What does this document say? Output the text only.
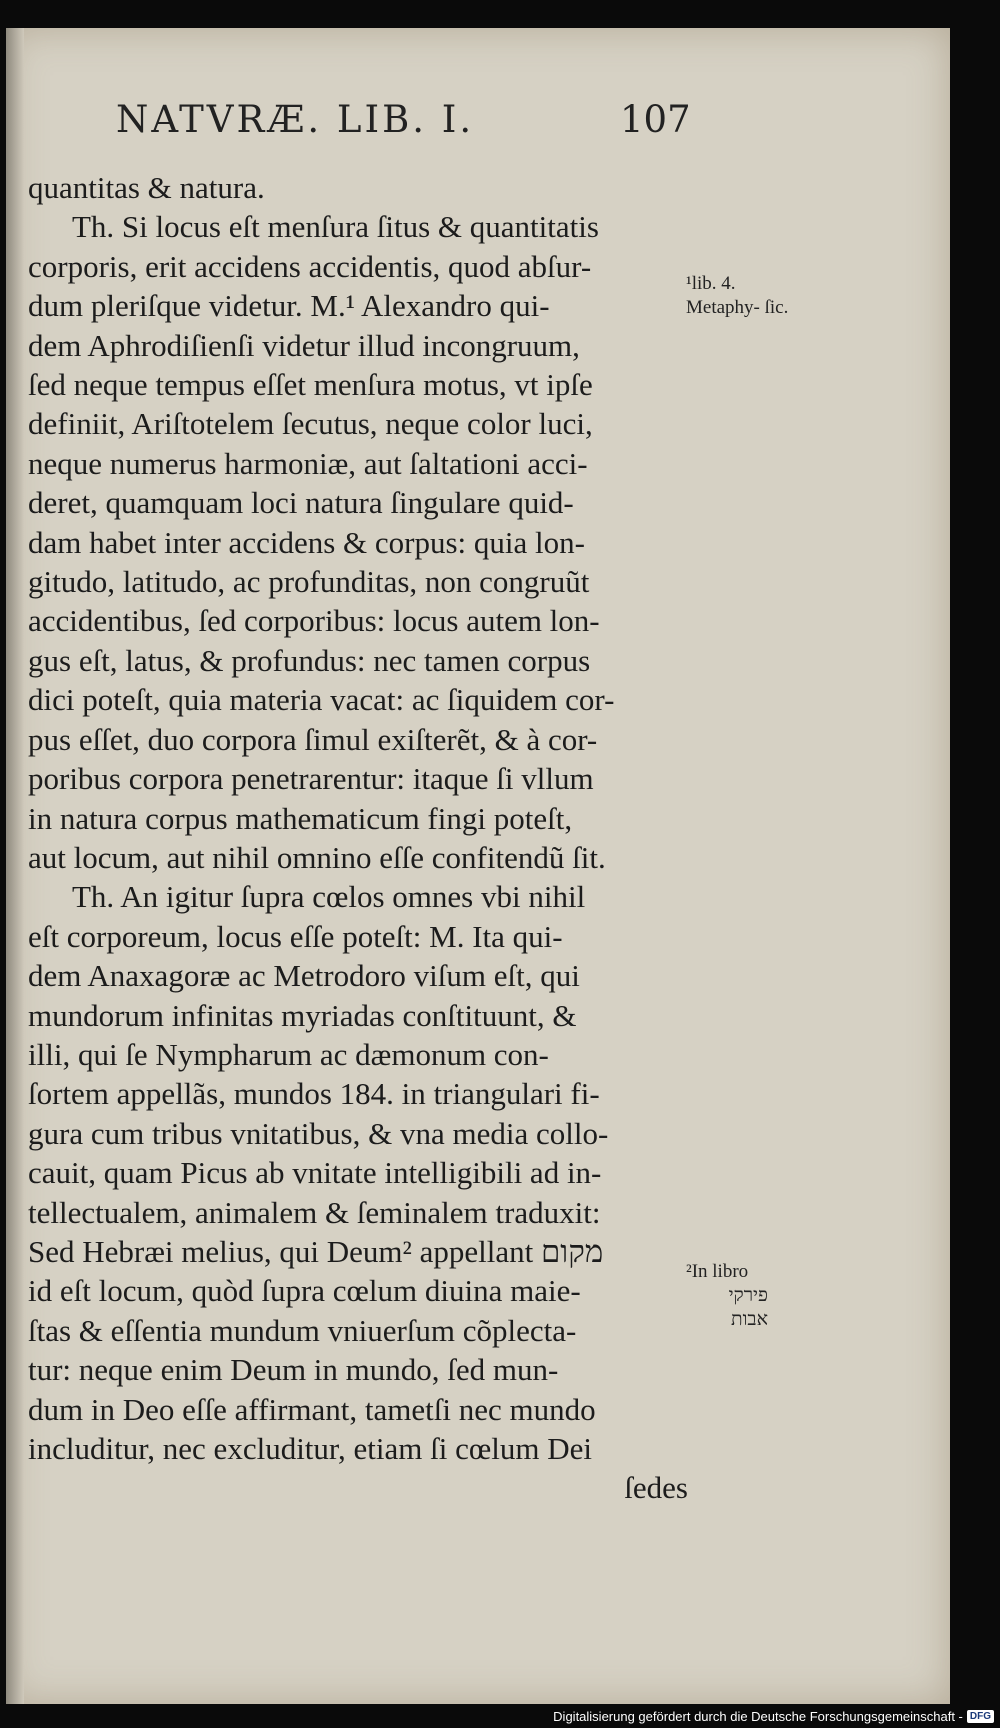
NATVRÆ. LIB. I.	107
quantitas & natura.
Th. Si locus eſt menſura ſitus & quantitatis
corporis, erit accidens accidentis, quod abſur-
dum pleriſque videtur. M.¹ Alexandro qui-
dem Aphrodiſienſi videtur illud incongruum,
ſed neque tempus eſſet menſura motus, vt ipſe
definiit, Ariſtotelem ſecutus, neque color luci,
neque numerus harmoniæ, aut ſaltationi acci-
deret, quamquam loci natura ſingulare quid-
dam habet inter accidens & corpus: quia lon-
gitudo, latitudo, ac profunditas, non congruũt
accidentibus, ſed corporibus: locus autem lon-
gus eſt, latus, & profundus: nec tamen corpus
dici poteſt, quia materia vacat: ac ſiquidem cor-
pus eſſet, duo corpora ſimul exiſterẽt, & à cor-
poribus corpora penetrarentur: itaque ſi vllum
in natura corpus mathematicum fingi poteſt,
aut locum, aut nihil omnino eſſe confitendũ ſit.
Th. An igitur ſupra cœlos omnes vbi nihil
eſt corporeum, locus eſſe poteſt: M. Ita qui-
dem Anaxagoræ ac Metrodoro viſum eſt, qui
mundorum infinitas myriadas conſtituunt, &
illi, qui ſe Nympharum ac dæmonum con-
ſortem appellãs, mundos 184. in triangulari fi-
gura cum tribus vnitatibus, & vna media collo-
cauit, quam Picus ab vnitate intelligibili ad in-
tellectualem, animalem & ſeminalem traduxit:
Sed Hebræi melius, qui Deum² appellant מקום
id eſt locum, quòd ſupra cœlum diuina maie-
ſtas & eſſentia mundum vniuerſum cõplecta-
tur: neque enim Deum in mundo, ſed mun-
dum in Deo eſſe affirmant, tametſi nec mundo
includitur, nec excluditur, etiam ſi cœlum Dei
ſedes
¹lib. 4. Metaphy- ſic.
²In libro
פירקי
אבות
Digitalisierung gefördert durch die Deutsche Forschungsgemeinschaft - DFG
